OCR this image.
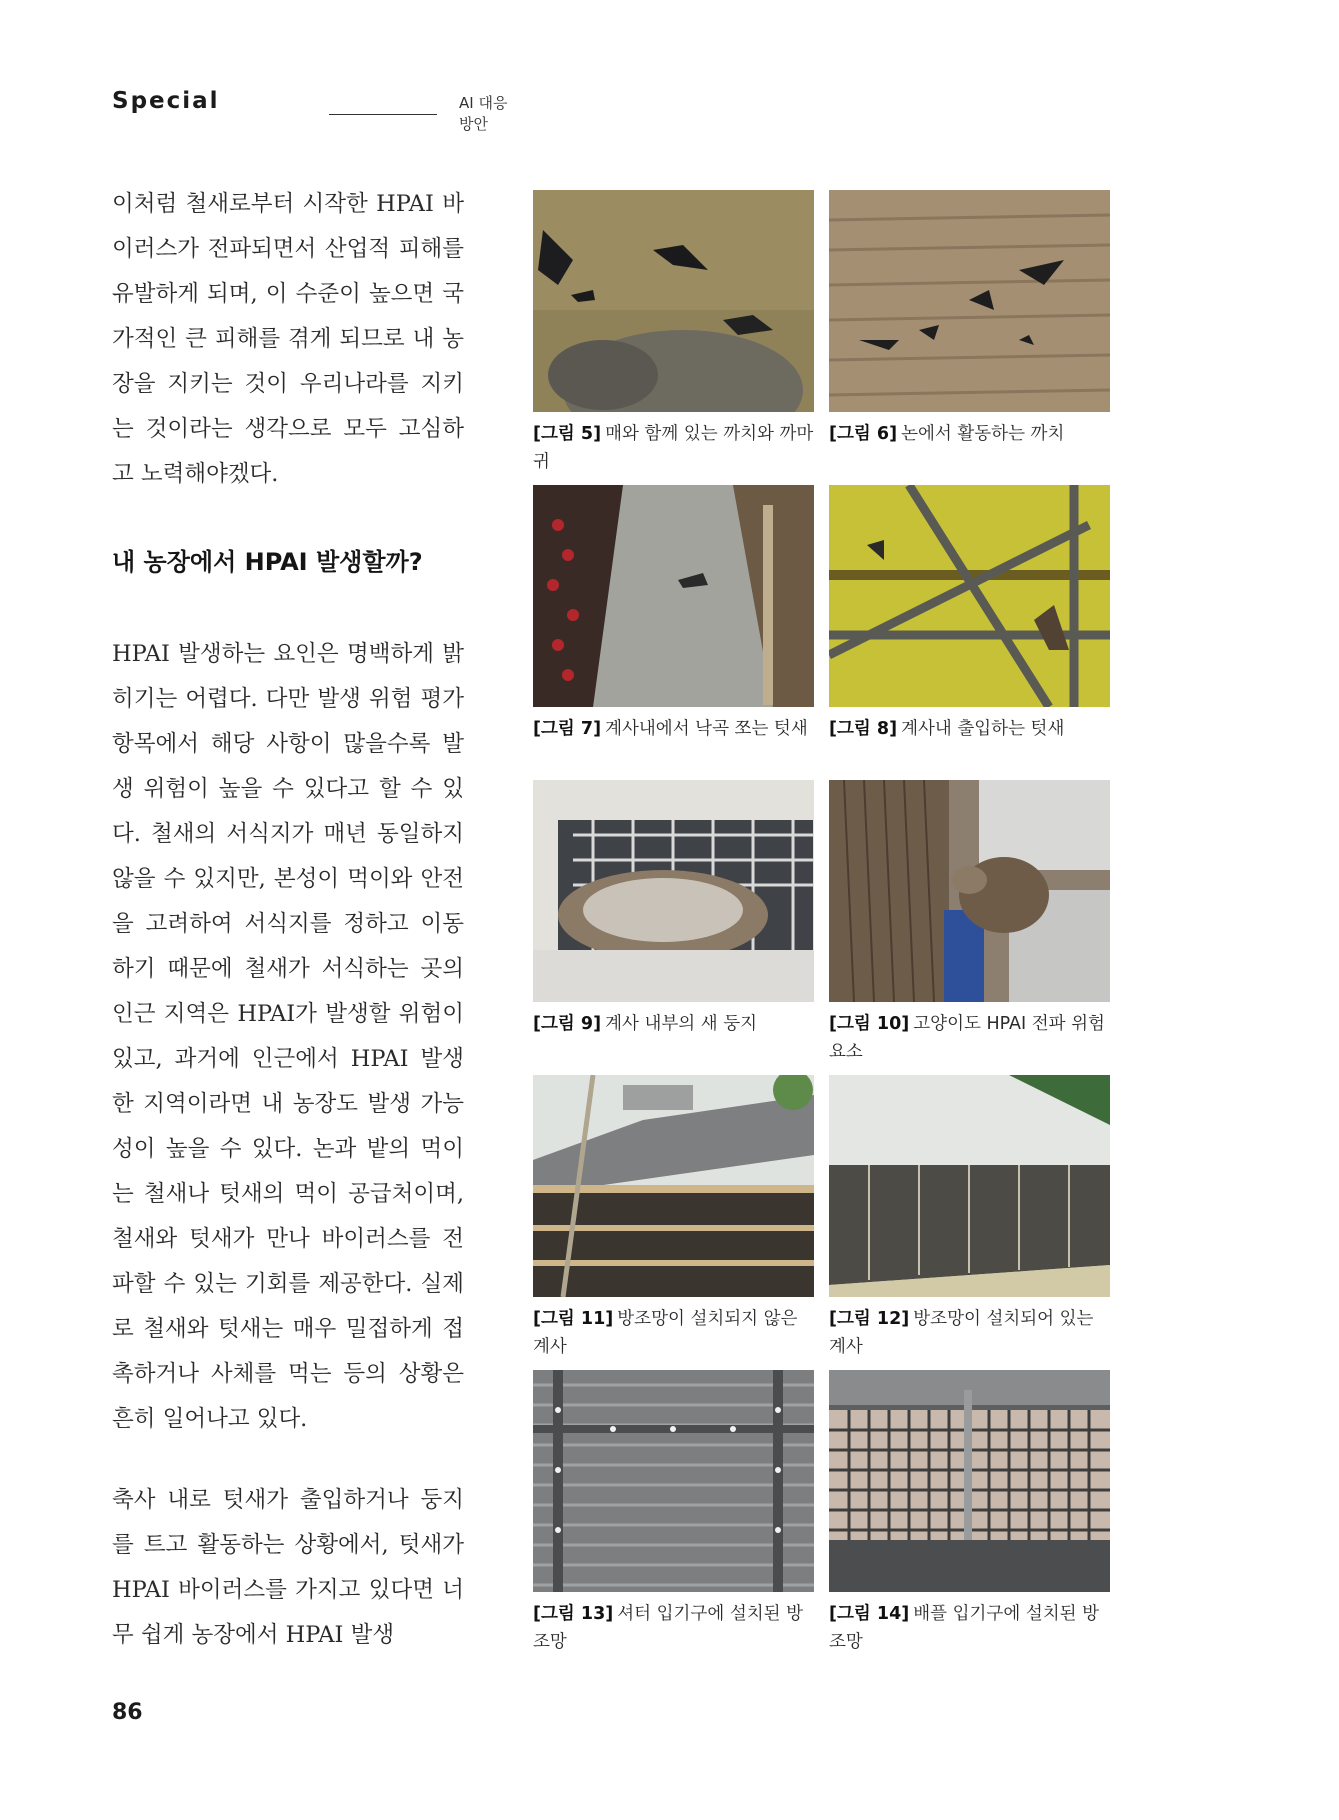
Special	AI 대응 방안

이처럼 철새로부터 시작한 HPAI 바이러스가 전파되면서 산업적 피해를 유발하게 되며, 이 수준이 높으면 국가적인 큰 피해를 겪게 되므로 내 농장을 지키는 것이 우리나라를 지키는 것이라는 생각으로 모두 고심하고 노력해야겠다.

내 농장에서 HPAI 발생할까?

HPAI 발생하는 요인은 명백하게 밝히기는 어렵다. 다만 발생 위험 평가 항목에서 해당 사항이 많을수록 발생 위험이 높을 수 있다고 할 수 있다. 철새의 서식지가 매년 동일하지 않을 수 있지만, 본성이 먹이와 안전을 고려하여 서식지를 정하고 이동하기 때문에 철새가 서식하는 곳의 인근 지역은 HPAI가 발생할 위험이 있고, 과거에 인근에서 HPAI 발생한 지역이라면 내 농장도 발생 가능성이 높을 수 있다. 논과 밭의 먹이는 철새나 텃새의 먹이 공급처이며, 철새와 텃새가 만나 바이러스를 전파할 수 있는 기회를 제공한다. 실제로 철새와 텃새는 매우 밀접하게 접촉하거나 사체를 먹는 등의 상황은 흔히 일어나고 있다.

축사 내로 텃새가 출입하거나 둥지를 트고 활동하는 상황에서, 텃새가 HPAI 바이러스를 가지고 있다면 너무 쉽게 농장에서 HPAI 발생

[그림 5] 매와 함께 있는 까치와 까마귀
[그림 6] 논에서 활동하는 까치
[그림 7] 계사내에서 낙곡 쪼는 텃새	[그림 8] 계사내 출입하는 텃새
[그림 9] 계사 내부의 새 둥지	[그림 10] 고양이도 HPAI 전파 위험 요소
[그림 11] 방조망이 설치되지 않은 계사
[그림 12] 방조망이 설치되어 있는 계사
[그림 13] 셔터 입기구에 설치된 방조망
[그림 14] 배플 입기구에 설치된 방조망
86
